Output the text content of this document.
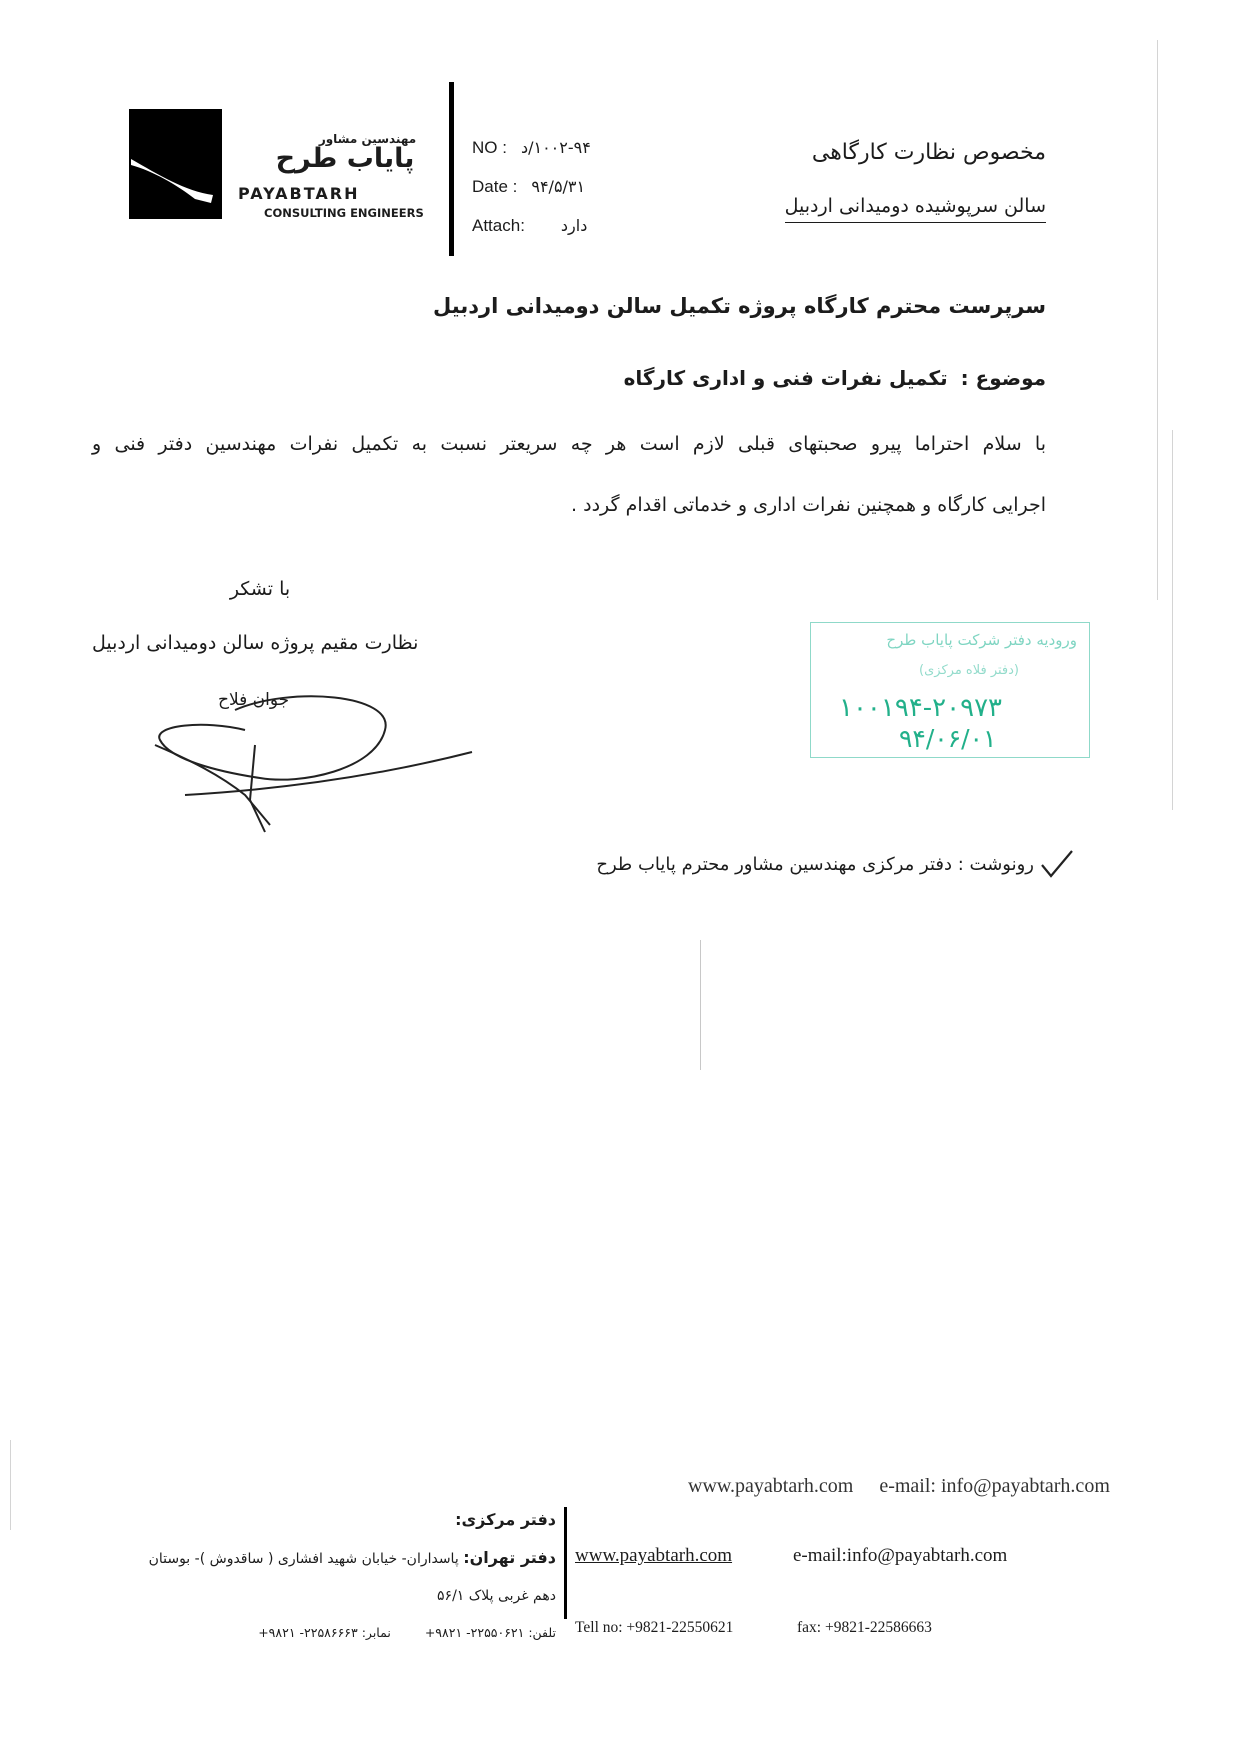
مهندسین مشاور
پایاب طرح
PAYABTARH
CONSULTING ENGINEERS
NO : ۱۰۰۲-۹۴/د
Date : ۹۴/۵/۳۱
Attach: دارد
مخصوص نظارت کارگاهی
سالن سرپوشیده دومیدانی اردبیل
سرپرست محترم کارگاه پروژه تکمیل سالن دومیدانی اردبیل
موضوع : تکمیل نفرات فنی و اداری کارگاه
با سلام احتراما پیرو صحبتهای قبلی لازم است هر چه سریعتر نسبت به تکمیل نفرات مهندسین دفتر فنی و
اجرایی کارگاه و همچنین نفرات اداری و خدماتی اقدام گردد .
با تشکر
نظارت مقیم پروژه سالن دومیدانی اردبیل
جوان فلاح
ورودیه دفتر شرکت پایاب طرح
(دفتر فلاه مرکزی)
۱۰۰۱۹۴-۲۰۹۷۳
۹۴/۰۶/۰۱
رونوشت : دفتر مرکزی مهندسین مشاور محترم پایاب طرح
www.payabtarh.com e-mail: info@payabtarh.com
دفتر مرکزی:
دفتر تهران: پاسداران- خیابان شهید افشاری ( ساقدوش )- بوستان
دهم غربی پلاک ۵۶/۱
تلفن: ۲۲۵۵۰۶۲۱- ۹۸۲۱+
نمابر: ۲۲۵۸۶۶۶۳- ۹۸۲۱+
www.payabtarh.com	e-mail:info@payabtarh.com
Tell no: +9821-22550621	fax: +9821-22586663
